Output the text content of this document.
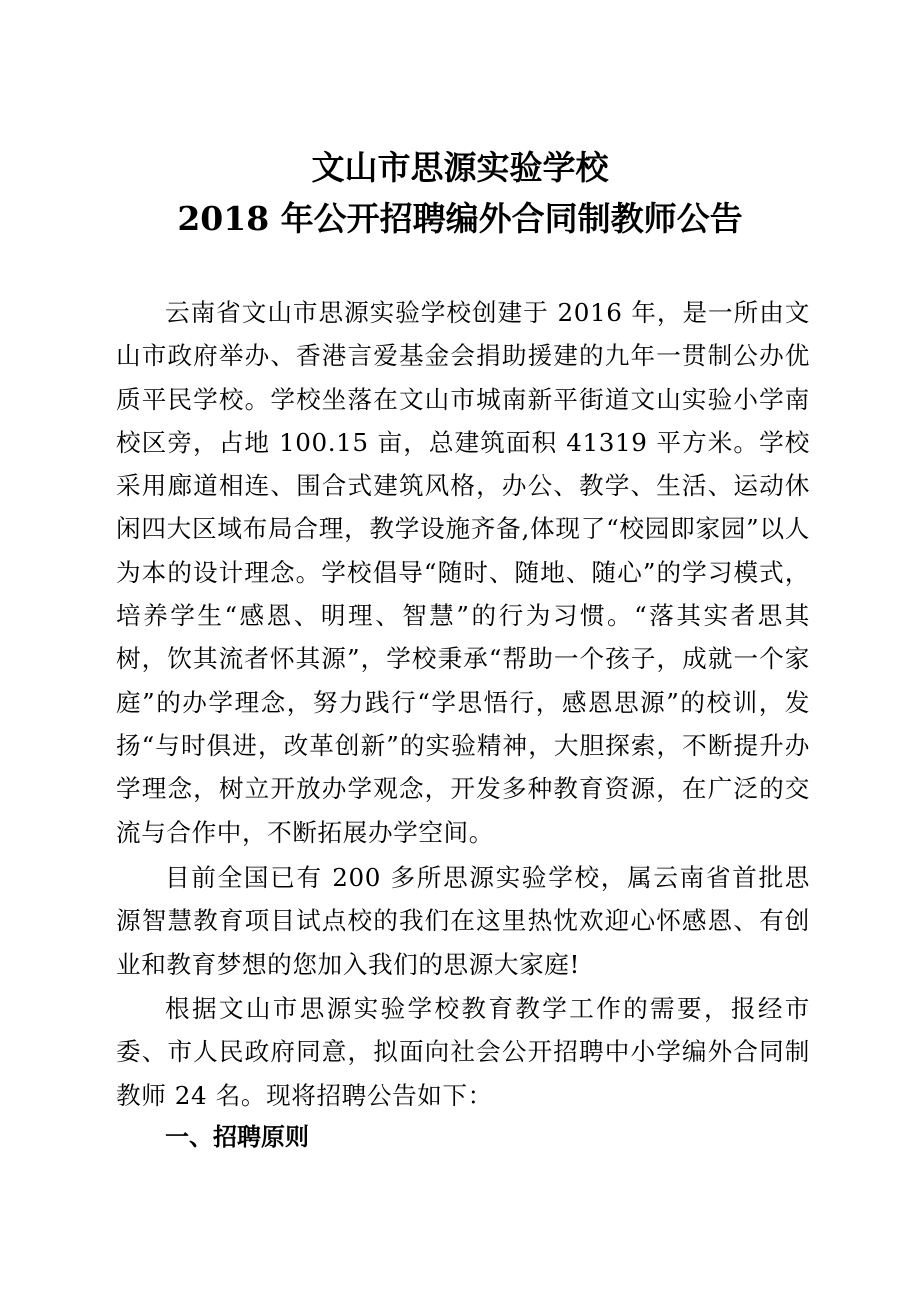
文山市思源实验学校
2018 年公开招聘编外合同制教师公告
云南省文山市思源实验学校创建于 2016 年，是一所由文山市政府举办、香港言爱基金会捐助援建的九年一贯制公办优质平民学校。学校坐落在文山市城南新平街道文山实验小学南校区旁，占地 100.15 亩，总建筑面积 41319 平方米。学校采用廊道相连、围合式建筑风格，办公、教学、生活、运动休闲四大区域布局合理，教学设施齐备,体现了“校园即家园”以人为本的设计理念。学校倡导“随时、随地、随心”的学习模式，培养学生“感恩、明理、智慧”的行为习惯。“落其实者思其树，饮其流者怀其源”，学校秉承“帮助一个孩子，成就一个家庭”的办学理念，努力践行“学思悟行，感恩思源”的校训，发扬“与时俱进，改革创新”的实验精神，大胆探索，不断提升办学理念，树立开放办学观念，开发多种教育资源，在广泛的交流与合作中，不断拓展办学空间。
目前全国已有 200 多所思源实验学校，属云南省首批思源智慧教育项目试点校的我们在这里热忱欢迎心怀感恩、有创业和教育梦想的您加入我们的思源大家庭!
根据文山市思源实验学校教育教学工作的需要，报经市委、市人民政府同意，拟面向社会公开招聘中小学编外合同制教师 24 名。现将招聘公告如下：
一、招聘原则
